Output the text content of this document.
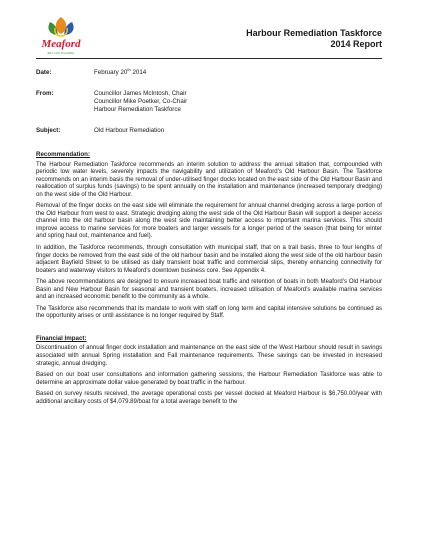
Meaford
Rich with Possibility
Harbour Remediation Taskforce
2014 Report
Date:	February 20th 2014
From:	Councillor James McIntosh, Chair
Councillor Mike Poetker, Co-Chair
Harbour Remediation Taskforce
Subject:	Old Harbour Remediation
Recommendation:

The Harbour Remediation Taskforce recommends an interim solution to address the annual siltation that, compounded with periodic low water levels, severely impacts the navigability and utilization of Meaford’s Old Harbour Basin. The Taskforce recommends on an interim basis the removal of under-utilised finger docks located on the east side of the Old Harbour Basin and reallocation of surplus funds (savings) to be spent annually on the installation and maintenance (increased temporary dredging) on the west side of the Old Harbour.

Removal of the finger docks on the east side will eliminate the requirement for annual channel dredging across a large portion of the Old Harbour from west to east. Strategic dredging along the west side of the Old Harbour Basin will support a deeper access channel into the old harbour basin along the west side maintaining better access to important marina services. This should improve access to marine services for more boaters and larger vessels for a longer period of the season (that being for winter and spring haul out, maintenance and fuel).

In addition, the Taskforce recommends, through consultation with municipal staff, that on a trail basis, three to four lengths of finger docks be removed from the east side of the old harbour basin and be installed along the west side of the old harbour basin adjacent Bayfield Street to be utilised as daily transient boat traffic and commercial slips, thereby enhancing connectivity for boaters and waterway visitors to Meaford’s downtown business core. See Appendix 4.

The above recommendations are designed to ensure increased boat traffic and retention of boats in both Meaford’s Old Harbour Basin and New Harbour Basin for seasonal and transient boaters, increased utilisation of Meaford’s available marina services and an increased economic benefit to the community as a whole.

The Taskforce also recommends that its mandate to work with staff on long term and capital intensive solutions be continued as the opportunity arises or until assistance is no longer required by Staff.

Financial Impact:

Discontinuation of annual finger dock installation and maintenance on the east side of the West Harbour should result in savings associated with annual Spring installation and Fall maintenance requirements. These savings can be invested in increased strategic, annual dredging.

Based on our boat user consultations and information gathering sessions, the Harbour Remediation Taskforce was able to determine an approximate dollar value generated by boat traffic in the harbour.

Based on survey results received, the average operational costs per vessel docked at Meaford Harbour is $6,750.00/year with additional ancillary costs of $4,079.89/boat for a total average benefit to the
